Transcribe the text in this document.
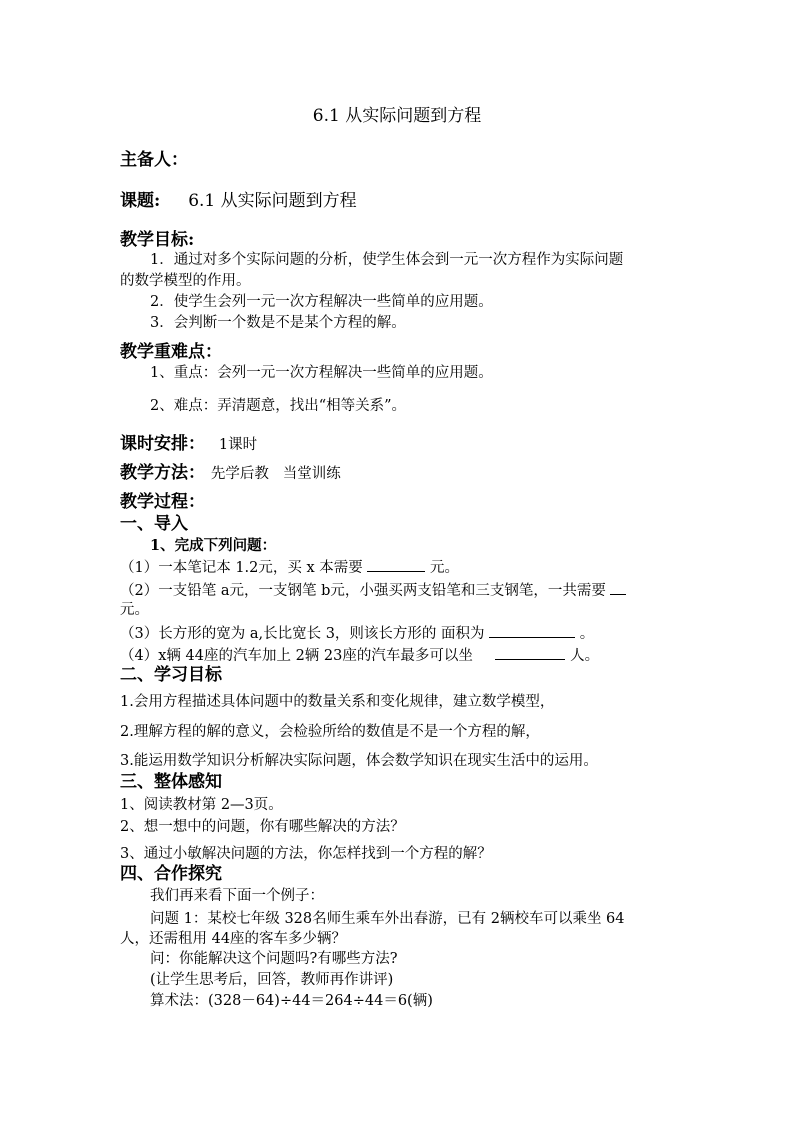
6.1 从实际问题到方程
主备人：
课题: 6.1 从实际问题到方程
教学目标:
1．通过对多个实际问题的分析，使学生体会到一元一次方程作为实际问题
的数学模型的作用。
2．使学生会列一元一次方程解决一些简单的应用题。
3．会判断一个数是不是某个方程的解。
教学重难点：
1、重点：会列一元一次方程解决一些简单的应用题。
2、难点：弄清题意，找出“相等关系”。
课时安排： 1课时
教学方法： 先学后教   当堂训练
教学过程：
一、导入
1、完成下列问题：
（1）一本笔记本 1.2元，买 x 本需要	元。
（2）一支铅笔 a元，一支钢笔 b元，小强买两支铅笔和三支钢笔，一共需要
元。
（3）长方形的宽为 a,长比宽长 3，则该长方形的 面积为	。
（4）x辆 44座的汽车加上 2辆 23座的汽车最多可以坐	人。
二、学习目标
1.会用方程描述具体问题中的数量关系和变化规律，建立数学模型，
2.理解方程的解的意义，会检验所给的数值是不是一个方程的解，
3.能运用数学知识分析解决实际问题，体会数学知识在现实生活中的运用。
三、整体感知
1、阅读教材第 2—3页。
2、想一想中的问题，你有哪些解决的方法？
3、通过小敏解决问题的方法，你怎样找到一个方程的解？
四、合作探究
我们再来看下面一个例子：
问题 1：某校七年级 328名师生乘车外出春游，已有 2辆校车可以乘坐 64
人，还需租用 44座的客车多少辆？
问：你能解决这个问题吗?有哪些方法?
(让学生思考后，回答，教师再作讲评)
算术法：(328－64)÷44＝264÷44＝6(辆)
